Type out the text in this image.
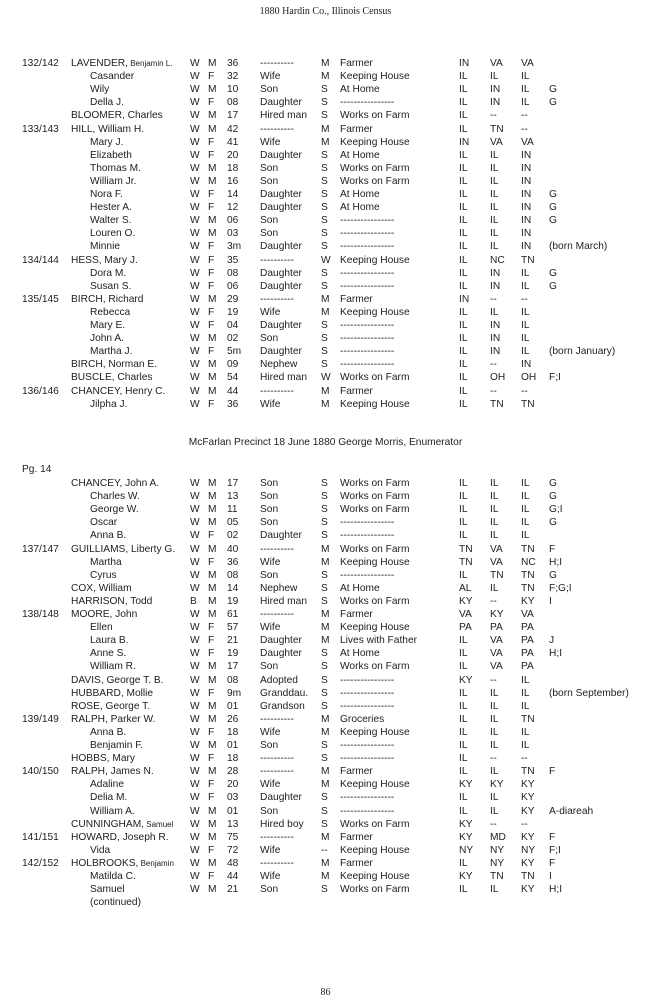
1880 Hardin Co., Illinois Census
132/142 LAVENDER, Benjamin L. W M 36 ----------	M Farmer	IN VA VA
Casander	W F 32 Wife	M Keeping House	IL IL IL
Wily	W M 10 Son	S At Home	IL IN IL G
Della J.	W F 08 Daughter S ----------------	IL IN IL G
BLOOMER, Charles	W M 17 Hired man S Works on Farm	IL -- --
133/143 HILL, William H.	W M 42 ----------	M Farmer	IL TN --
Mary J.	W F 41 Wife	M Keeping House	IN VA VA
Elizabeth	W F 20 Daughter S At Home	IL IL IN
Thomas M.	W M 18 Son	S Works on Farm	IL IL IN
William Jr.	W M 16 Son	S Works on Farm	IL IL IN
Nora F.	W F 14 Daughter S At Home	IL IL IN G
Hester A.	W F 12 Daughter S At Home	IL IL IN G
Walter S.	W M 06 Son	S ----------------	IL IL IN G
Louren O.	W M 03 Son	S ----------------	IL IL IN
Minnie	W F 3m Daughter S ----------------	IL IL IN (born March)
134/144 HESS, Mary J.	W F 35 ----------	W Keeping House	IL NC TN
Dora M.	W F 08 Daughter S ----------------	IL IN IL G
Susan S.	W F 06 Daughter S ----------------	IL IN IL G
135/145 BIRCH, Richard	W M 29 ----------	M Farmer	IN -- --
Rebecca	W F 19 Wife	M Keeping House	IL IL IL
Mary E.	W F 04 Daughter S ----------------	IL IN IL
John A.	W M 02 Son	S ----------------	IL IN IL
Martha J.	W F 5m Daughter S ----------------	IL IN IL (born January)
BIRCH, Norman E.	W M 09 Nephew S ----------------	IL -- IN
BUSCLE, Charles	W M 54 Hired man W Works on Farm	IL OH OH F;I
136/146 CHANCEY, Henry C. W M 44 ----------	M Farmer	IL -- --
Jilpha J.	W F 36 Wife	M Keeping House	IL TN TN
CHANCEY, John A.	W M 17 Son	S Works on Farm	IL IL IL G
Charles W.	W M 13 Son	S Works on Farm	IL IL IL G
George W.	W M 11 Son	S Works on Farm	IL IL IL G;I
Oscar	W M 05 Son	S ----------------	IL IL IL G
Anna B.	W F 02 Daughter S ----------------	IL IL IL
137/147 GUILLIAMS, Liberty G. W M 40 ----------	M Works on Farm	TN VA TN F
Martha	W F 36 Wife	M Keeping House	TN VA NC H;I
Cyrus	W M 08 Son	S ----------------	IL TN TN G
COX, William	W M 14 Nephew S At Home	AL IL TN F;G;I
HARRISON, Todd	B M 19 Hired man S Works on Farm	KY -- KY I
138/148 MOORE, John	W M 61 ----------	M Farmer	VA KY VA
Ellen	W F 57 Wife	M Keeping House	PA PA PA
Laura B.	W F 21 Daughter M Lives with Father	IL VA PA J
Anne S.	W F 19 Daughter S At Home	IL VA PA H;I
William R.	W M 17 Son	S Works on Farm	IL VA PA
DAVIS, George T. B.	W M 08 Adopted S ----------------	KY -- IL
HUBBARD, Mollie	W F 9m Granddau. S ----------------	IL IL IL (born September)
ROSE, George T.	W M 01 Grandson S ----------------	IL IL IL
139/149 RALPH, Parker W.	W M 26 ----------	M Groceries	IL IL TN
Anna B.	W F 18 Wife	M Keeping House	IL IL IL
Benjamin F.	W M 01 Son	S ----------------	IL IL IL
HOBBS, Mary	W F 18 ----------	S ----------------	IL -- --
140/150 RALPH, James N.	W M 28 ----------	M Farmer	IL IL TN F
Adaline	W F 20 Wife	M Keeping House	KY KY KY
Delia M.	W F 03 Daughter S ----------------	IL IL KY
William A.	W M 01 Son	S ----------------	IL IL KY A-diareah
CUNNINGHAM, Samuel W M 13 Hired boy S Works on Farm	KY -- --
141/151 HOWARD, Joseph R. W M 75 ----------	M Farmer	KY MD KY F
Vida	W F 72 Wife	-- Keeping House	NY NY NY F;I
142/152 HOLBROOKS, Benjamin W M 48 ----------	M Farmer	IL NY KY F
Matilda C.	W F 44 Wife	M Keeping House	KY TN TN I
Samuel	W M 21 Son	S Works on Farm	IL IL KY H;I
(continued)
McFarlan Precinct 18 June 1880 George Morris, Enumerator
Pg. 14
86
